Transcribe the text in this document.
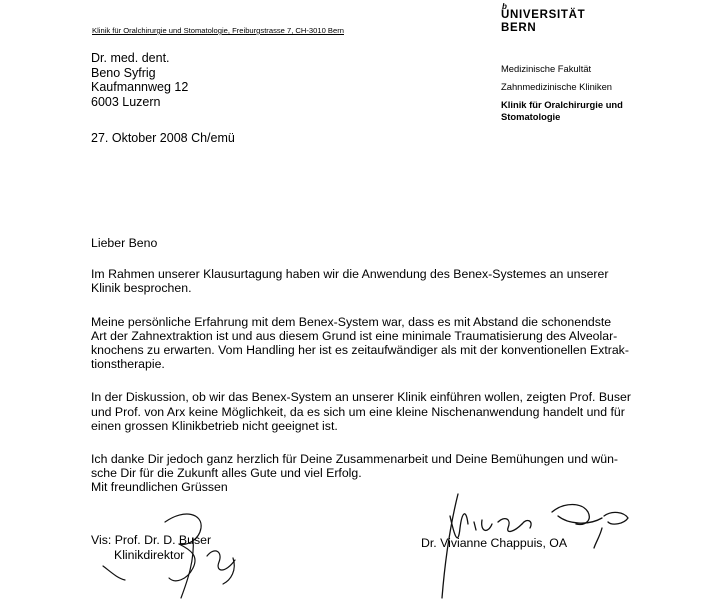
b
UNIVERSITÄT
BERN
Klinik für Oralchirurgie und Stomatologie, Freiburgstrasse 7, CH-3010 Bern
Dr. med. dent.
Beno Syfrig
Kaufmannweg 12
6003 Luzern
Medizinische Fakultät
Zahnmedizinische Kliniken
Klinik für Oralchirurgie und
Stomatologie
27. Oktober 2008 Ch/emü

Lieber Beno

Im Rahmen unserer Klausurtagung haben wir die Anwendung des Benex-Systemes an unserer
Klinik besprochen.

Meine persönliche Erfahrung mit dem Benex-System war, dass es mit Abstand die schonendste
Art der Zahnextraktion ist und aus diesem Grund ist eine minimale Traumatisierung des Alveolar-
knochens zu erwarten. Vom Handling her ist es zeitaufwändiger als mit der konventionellen Extrak-
tionstherapie.

In der Diskussion, ob wir das Benex-System an unserer Klinik einführen wollen, zeigten Prof. Buser
und Prof. von Arx keine Möglichkeit, da es sich um eine kleine Nischenanwendung handelt und für
einen grossen Klinikbetrieb nicht geeignet ist.

Ich danke Dir jedoch ganz herzlich für Deine Zusammenarbeit und Deine Bemühungen und wün-
sche Dir für die Zukunft alles Gute und viel Erfolg.

Mit freundlichen Grüssen
Vis: Prof. Dr. D. Buser
Klinikdirektor
Dr. Vivianne Chappuis, OA
